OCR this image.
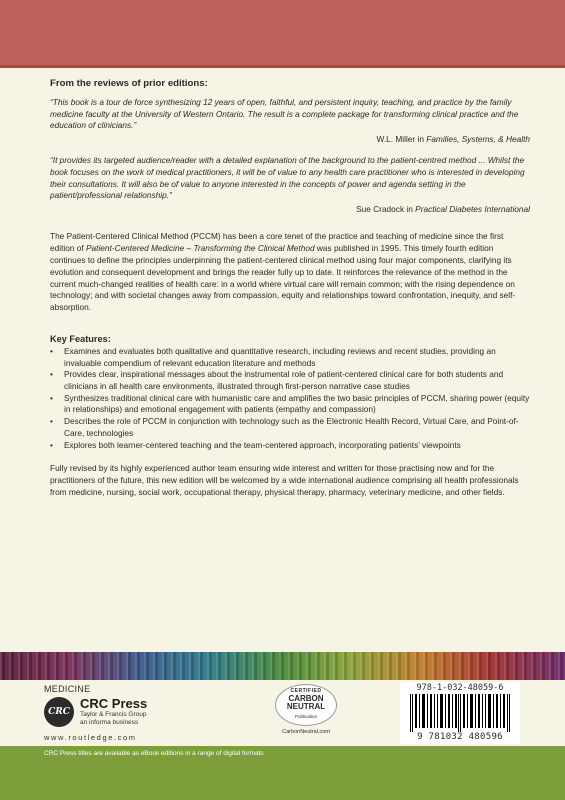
From the reviews of prior editions:

“This book is a tour de force synthesizing 12 years of open, faithful, and persistent inquiry, teaching, and practice by the family medicine faculty at the University of Western Ontario. The result is a complete package for transforming clinical practice and the education of clinicians.”

W.L. Miller in Families, Systems, & Health

“It provides its targeted audience/reader with a detailed explanation of the background to the patient-centred method ... Whilst the book focuses on the work of medical practitioners, it will be of value to any health care practitioner who is interested in developing their consultations. It will also be of value to anyone interested in the concepts of power and agenda setting in the patient/professional relationship.”

Sue Cradock in Practical Diabetes International

The Patient-Centered Clinical Method (PCCM) has been a core tenet of the practice and teaching of medicine since the first edition of Patient-Centered Medicine – Transforming the Clinical Method was published in 1995. This timely fourth edition continues to define the principles underpinning the patient-centered clinical method using four major components, clarifying its evolution and consequent development and brings the reader fully up to date. It reinforces the relevance of the method in the current much-changed realities of health care: in a world where virtual care will remain common; with the rising dependence on technology; and with societal changes away from compassion, equity and relationships toward confrontation, inequity, and self-absorption.

Key Features:

• Examines and evaluates both qualitative and quantitative research, including reviews and recent studies, providing an invaluable compendium of relevant education literature and methods
• Provides clear, inspirational messages about the instrumental role of patient-centered clinical care for both students and clinicians in all health care environments, illustrated through first-person narrative case studies
• Synthesizes traditional clinical care with humanistic care and amplifies the two basic principles of PCCM, sharing power (equity in relationships) and emotional engagement with patients (empathy and compassion)
• Describes the role of PCCM in conjunction with technology such as the Electronic Health Record, Virtual Care, and Point-of-Care, technologies
• Explores both learner-centered teaching and the team-centered approach, incorporating patients’ viewpoints

Fully revised by its highly experienced author team ensuring wide interest and written for those practising now and for the practitioners of the future, this new edition will be welcomed by a wide international audience comprising all health professionals from medicine, nursing, social work, occupational therapy, physical therapy, pharmacy, veterinary medicine, and other fields.

MEDICINE
CRC
CRC Press
Taylor & Francis Group
an informa business
www.routledge.com
CERTIFIED
CARBON
NEUTRAL
Publication
CarbonNeutral.com
978-1-032-48059-6
9 781032 480596
CRC Press titles are available as eBook editions in a range of digital formats
